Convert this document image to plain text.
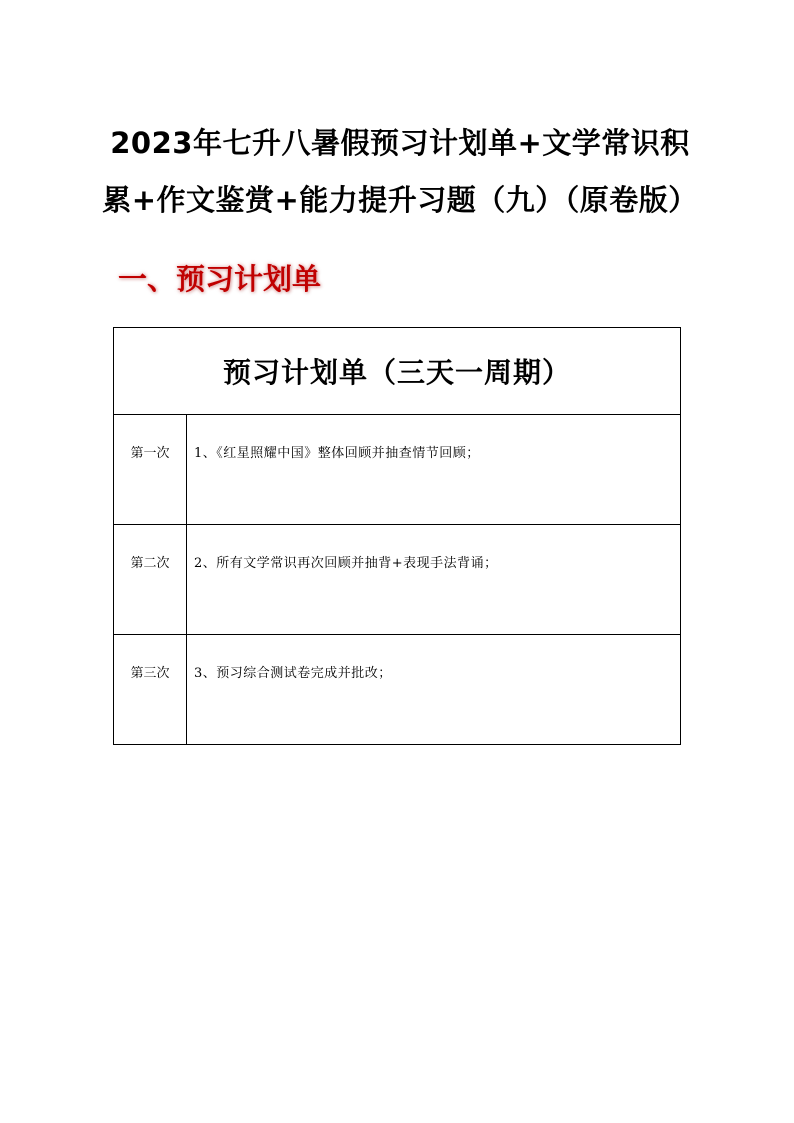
2023年七升八暑假预习计划单+文学常识积
累+作文鉴赏+能力提升习题（九）（原卷版）
一、预习计划单
预习计划单（三天一周期）	
第一次	1、《红星照耀中国》整体回顾并抽查情节回顾；
第二次	2、所有文学常识再次回顾并抽背+表现手法背诵；
第三次	3、预习综合测试卷完成并批改；
